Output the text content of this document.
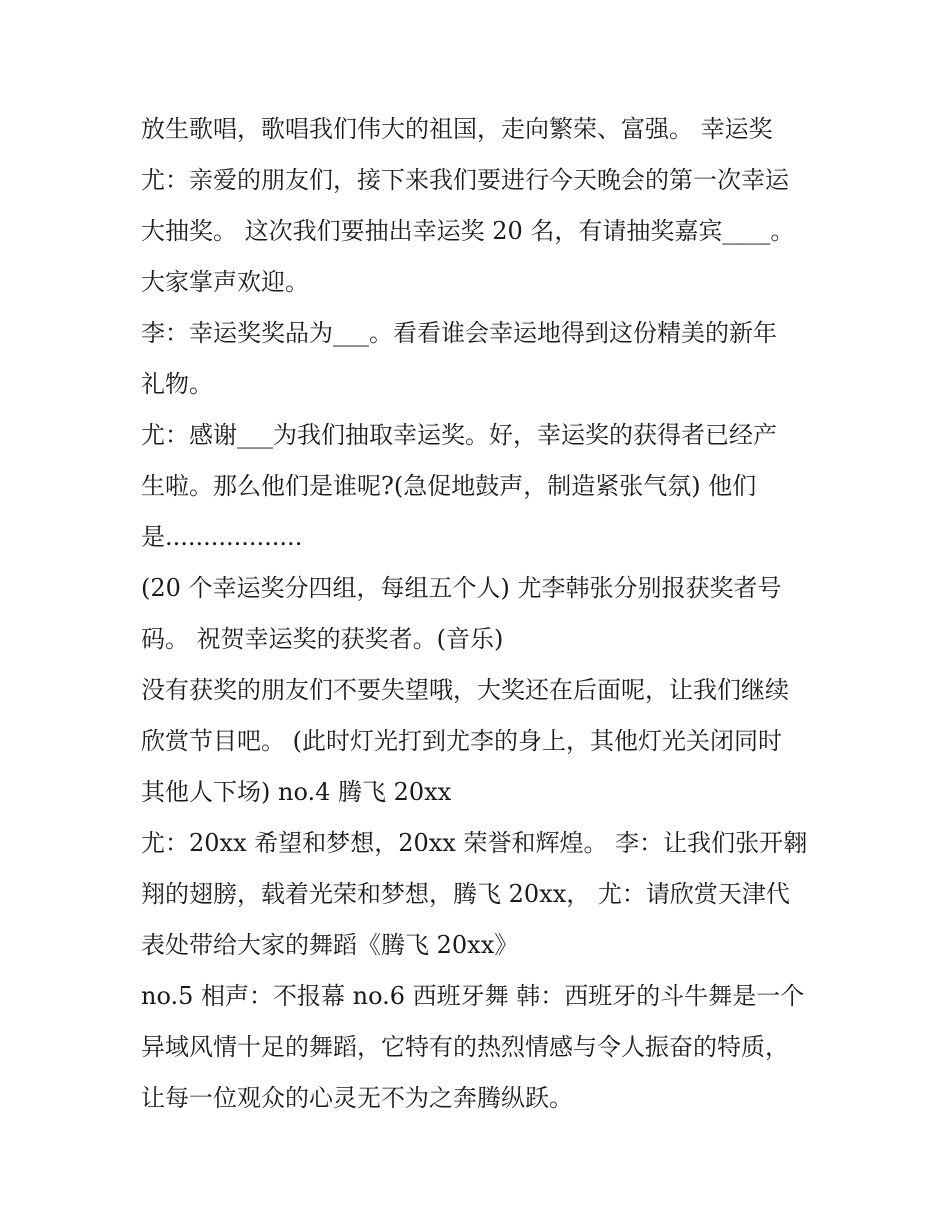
放生歌唱，歌唱我们伟大的祖国，走向繁荣、富强。 幸运奖
尤：亲爱的朋友们，接下来我们要进行今天晚会的第一次幸运
大抽奖。 这次我们要抽出幸运奖 20 名，有请抽奖嘉宾____。
大家掌声欢迎。
李：幸运奖奖品为___。看看谁会幸运地得到这份精美的新年
礼物。
尤：感谢___为我们抽取幸运奖。好，幸运奖的获得者已经产
生啦。那么他们是谁呢?(急促地鼓声，制造紧张气氛) 他们
是..................
(20 个幸运奖分四组，每组五个人) 尤李韩张分别报获奖者号
码。 祝贺幸运奖的获奖者。(音乐)
没有获奖的朋友们不要失望哦，大奖还在后面呢，让我们继续
欣赏节目吧。 (此时灯光打到尤李的身上，其他灯光关闭同时
其他人下场) no.4 腾飞 20xx
尤：20xx 希望和梦想，20xx 荣誉和辉煌。 李：让我们张开翱
翔的翅膀，载着光荣和梦想，腾飞 20xx， 尤：请欣赏天津代
表处带给大家的舞蹈《腾飞 20xx》
no.5 相声：不报幕 no.6 西班牙舞 韩：西班牙的斗牛舞是一个
异域风情十足的舞蹈，它特有的热烈情感与令人振奋的特质，
让每一位观众的心灵无不为之奔腾纵跃。
